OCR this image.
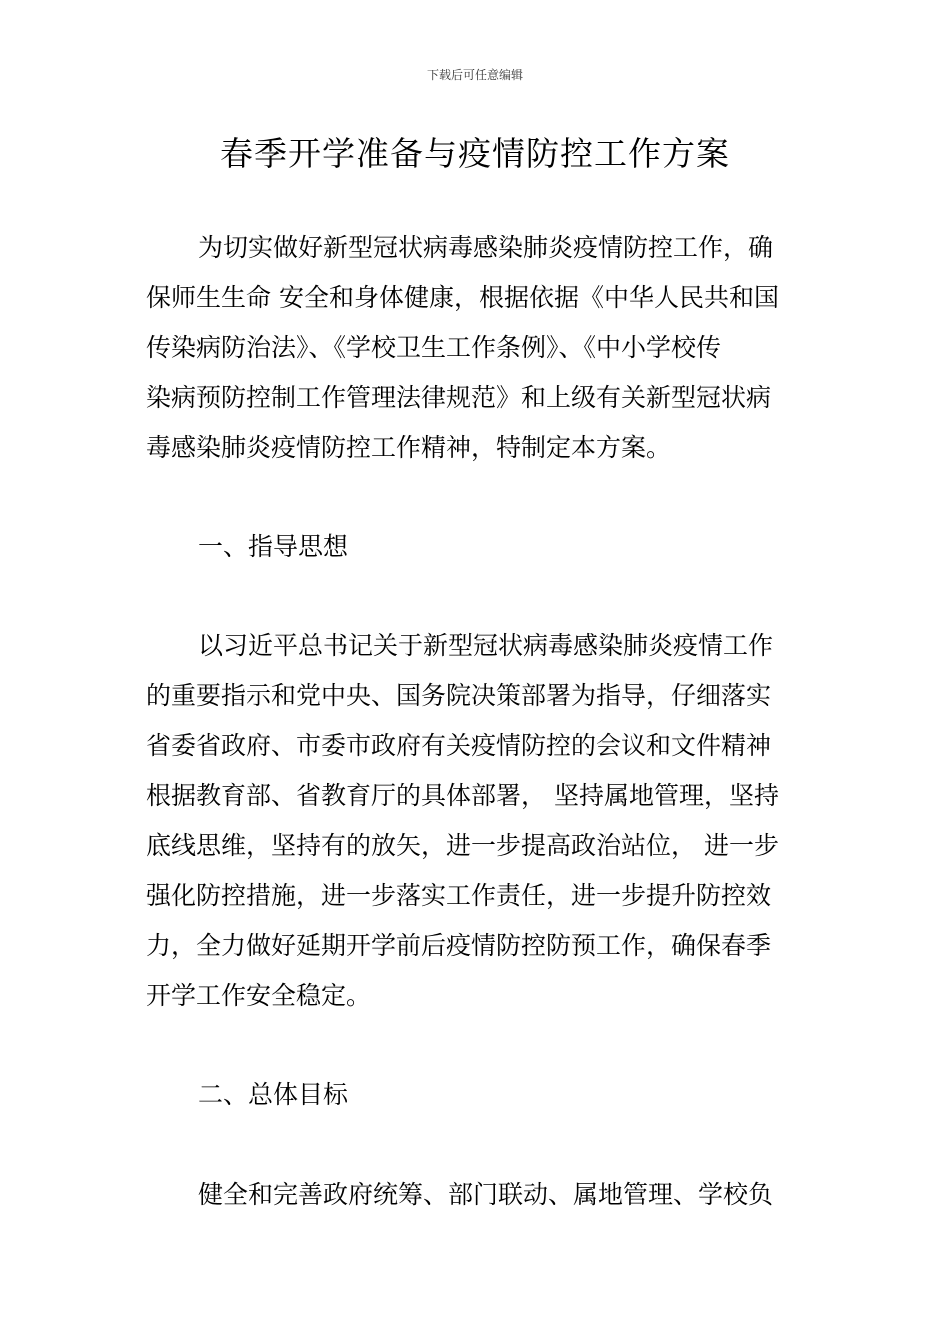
下载后可任意编辑
春季开学准备与疫情防控工作方案
为切实做好新型冠状病毒感染肺炎疫情防控工作，确
保师生生命 安全和身体健康，根据依据《中华人民共和国
传染病防治法》、《学校卫生工作条例》、《中小学校传
染病预防控制工作管理法律规范》和上级有关新型冠状病
毒感染肺炎疫情防控工作精神，特制定本方案。
一、指导思想
以习近平总书记关于新型冠状病毒感染肺炎疫情工作
的重要指示和党中央、国务院决策部署为指导，仔细落实
省委省政府、市委市政府有关疫情防控的会议和文件精神
根据教育部、省教育厅的具体部署， 坚持属地管理，坚持
底线思维，坚持有的放矢，进一步提高政治站位， 进一步
强化防控措施，进一步落实工作责任，进一步提升防控效
力，全力做好延期开学前后疫情防控防预工作，确保春季
开学工作安全稳定。
二、总体目标
健全和完善政府统筹、部门联动、属地管理、学校负
